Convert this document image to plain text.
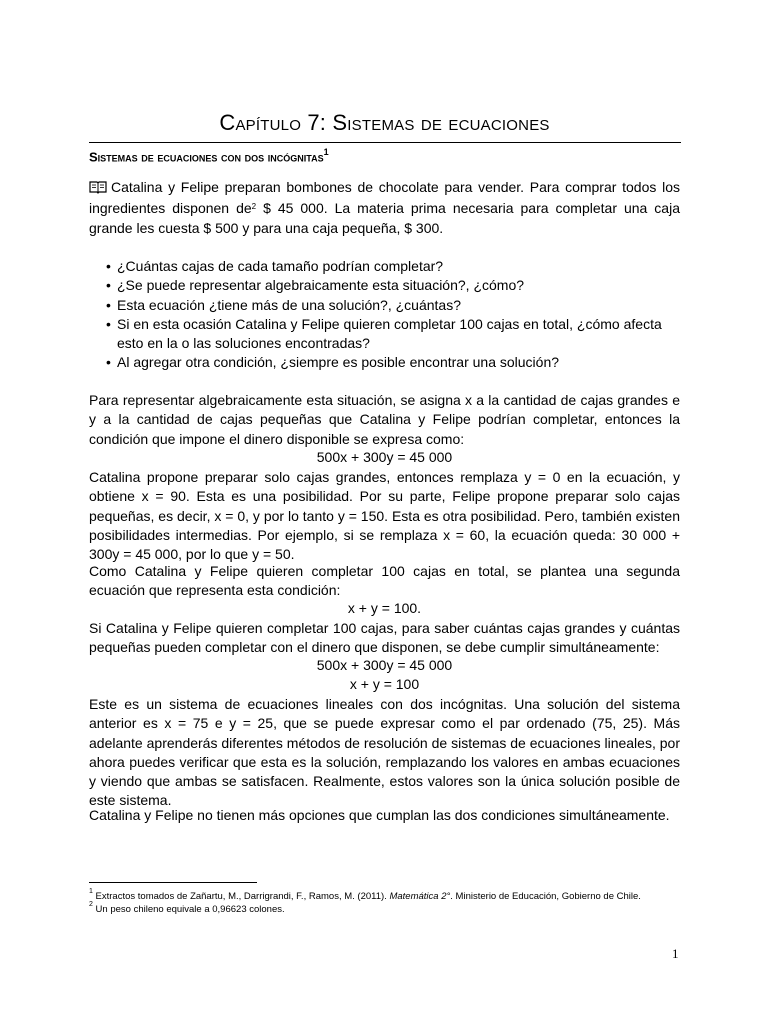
Capítulo 7: Sistemas de ecuaciones
Sistemas de ecuaciones con dos incógnitas$^1$
Catalina y Felipe preparan bombones de chocolate para vender. Para comprar todos los ingredientes disponen $de^2$ $ 45 000. La materia prima necesaria para completar una caja grande les cuesta $ 500 y para una caja pequeña, $ 300.
• ¿Cuántas cajas de cada tamaño podrían completar?
• ¿Se puede representar algebraicamente esta situación?, ¿cómo?
• Esta ecuación ¿tiene más de una solución?, ¿cuántas?
• Si en esta ocasión Catalina y Felipe quieren completar 100 cajas en total, ¿cómo afecta esto en la o las soluciones encontradas?
• Al agregar otra condición, ¿siempre es posible encontrar una solución?
Para representar algebraicamente esta situación, se asigna x a la cantidad de cajas grandes e y a la cantidad de cajas pequeñas que Catalina y Felipe podrían completar, entonces la condición que impone el dinero disponible se expresa como:
500x + 300y = 45 000
Catalina propone preparar solo cajas grandes, entonces remplaza y = 0 en la ecuación, y obtiene x = 90. Esta es una posibilidad. Por su parte, Felipe propone preparar solo cajas pequeñas, es decir, x = 0, y por lo tanto y = 150. Esta es otra posibilidad. Pero, también existen posibilidades intermedias. Por ejemplo, si se remplaza x = 60, la ecuación queda: 30 000 + 300y = 45 000, por lo que y = 50.
Como Catalina y Felipe quieren completar 100 cajas en total, se plantea una segunda ecuación que representa esta condición:
x + y = 100.
Si Catalina y Felipe quieren completar 100 cajas, para saber cuántas cajas grandes y cuántas pequeñas pueden completar con el dinero que disponen, se debe cumplir simultáneamente:
500x + 300y = 45 000
x + y = 100
Este es un sistema de ecuaciones lineales con dos incógnitas. Una solución del sistema anterior es x = 75 e y = 25, que se puede expresar como el par ordenado (75, 25). Más adelante aprenderás diferentes métodos de resolución de sistemas de ecuaciones lineales, por ahora puedes verificar que esta es la solución, remplazando los valores en ambas ecuaciones y viendo que ambas se satisfacen. Realmente, estos valores son la única solución posible de este sistema.
Catalina y Felipe no tienen más opciones que cumplan las dos condiciones simultáneamente.
$^1$ Extractos tomados de Zañartu, M., Darrigrandi, F., Ramos, M. (2011). Matemática 2°. Ministerio de Educación, Gobierno de Chile.
$^2$ Un peso chileno equivale a 0,96623 colones.
1
